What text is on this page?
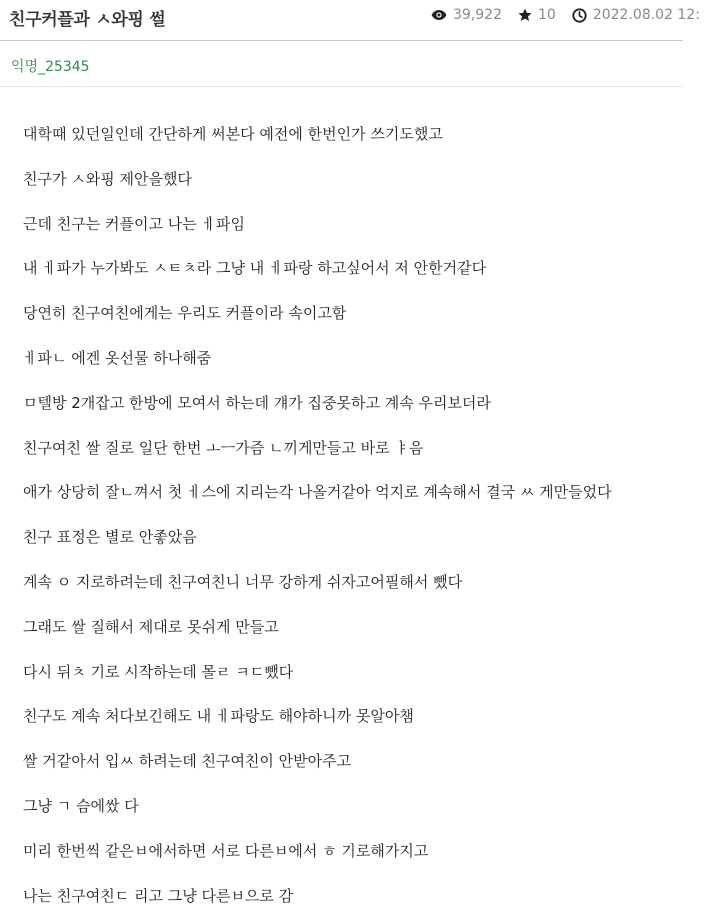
친구커플과 ㅅ와핑 썰	39,922	10	2022.08.02 12:
익명_25345

대학때 있던일인데 간단하게 써본다 예전에 한번인가 쓰기도했고

친구가 ㅅ와핑 제안을했다

근데 친구는 커플이고 나는 ㅔ파임

내 ㅔ파가 누가봐도 ㅅㅌㅊ라 그냥 내 ㅔ파랑 하고싶어서 저 안한거같다

당연히 친구여친에게는 우리도 커플이라 속이고함

ㅔ파ㄴ 에겐 옷선물 하나해줌

ㅁ텔방 2개잡고 한방에 모여서 하는데 걔가 집중못하고 계속 우리보더라

친구여친 쌀 질로 일단 한번 ㅗㅡ가즘 ㄴ끼게만들고 바로 ㅑ음

애가 상당히 잘ㄴ껴서 첫 ㅔ스에 지리는각 나올거같아 억지로 계속해서 결국 ㅆ 게만들었다

친구 표정은 별로 안좋았음

계속 ㅇ 지로하려는데 친구여친니 너무 강하게 쉬자고어필해서 뺐다

그래도 쌀 질해서 제대로 못쉬게 만들고

다시 뒤ㅊ 기로 시작하는데 몰ㄹ ㅋㄷ뺐다

친구도 계속 처다보긴해도 내 ㅔ파랑도 해야하니까 못알아챔

쌀 거같아서 입ㅆ 하려는데 친구여친이 안받아주고

그냥 ㄱ 슴에쌌 다

미리 한번씩 같은ㅂ에서하면 서로 다른ㅂ에서 ㅎ 기로해가지고

나는 친구여친ㄷ 리고 그냥 다른ㅂ으로 감
